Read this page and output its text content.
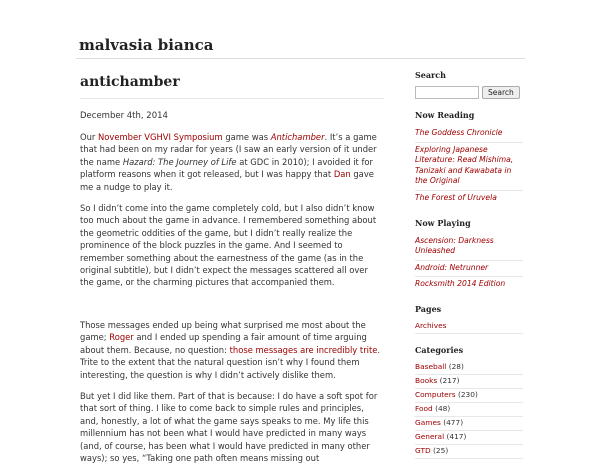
malvasia bianca
antichamber
December 4th, 2014

Our November VGHVI Symposium game was Antichamber. It’s a game that had been on my radar for years (I saw an early version of it under the name Hazard: The Journey of Life at GDC in 2010); I avoided it for platform reasons when it got released, but I was happy that Dan gave me a nudge to play it.

So I didn’t come into the game completely cold, but I also didn’t know too much about the game in advance. I remembered something about the geometric oddities of the game, but I didn’t really realize the prominence of the block puzzles in the game. And I seemed to remember something about the earnestness of the game (as in the original subtitle), but I didn’t expect the messages scattered all over the game, or the charming pictures that accompanied them.

Those messages ended up being what surprised me most about the game; Roger and I ended up spending a fair amount of time arguing about them. Because, no question: those messages are incredibly trite. Trite to the extent that the natural question isn’t why I found them interesting, the question is why I didn’t actively dislike them.

But yet I did like them. Part of that is because: I do have a soft spot for that sort of thing. I like to come back to simple rules and principles, and, honestly, a lot of what the game says speaks to me. My life this millennium has not been what I would have predicted in many ways (and, of course, has been what I would have predicted in many other ways); so yes, “Taking one path often means missing out

Search
Search
Now Reading
The Goddess Chronicle
Exploring Japanese Literature: Read Mishima, Tanizaki and Kawabata in the Original
The Forest of Uruvela
Now Playing
Ascension: Darkness Unleashed
Android: Netrunner
Rocksmith 2014 Edition
Pages
Archives
Categories
Baseball (28)
Books (217)
Computers (230)
Food (48)
Games (477)
General (417)
GTD (25)
